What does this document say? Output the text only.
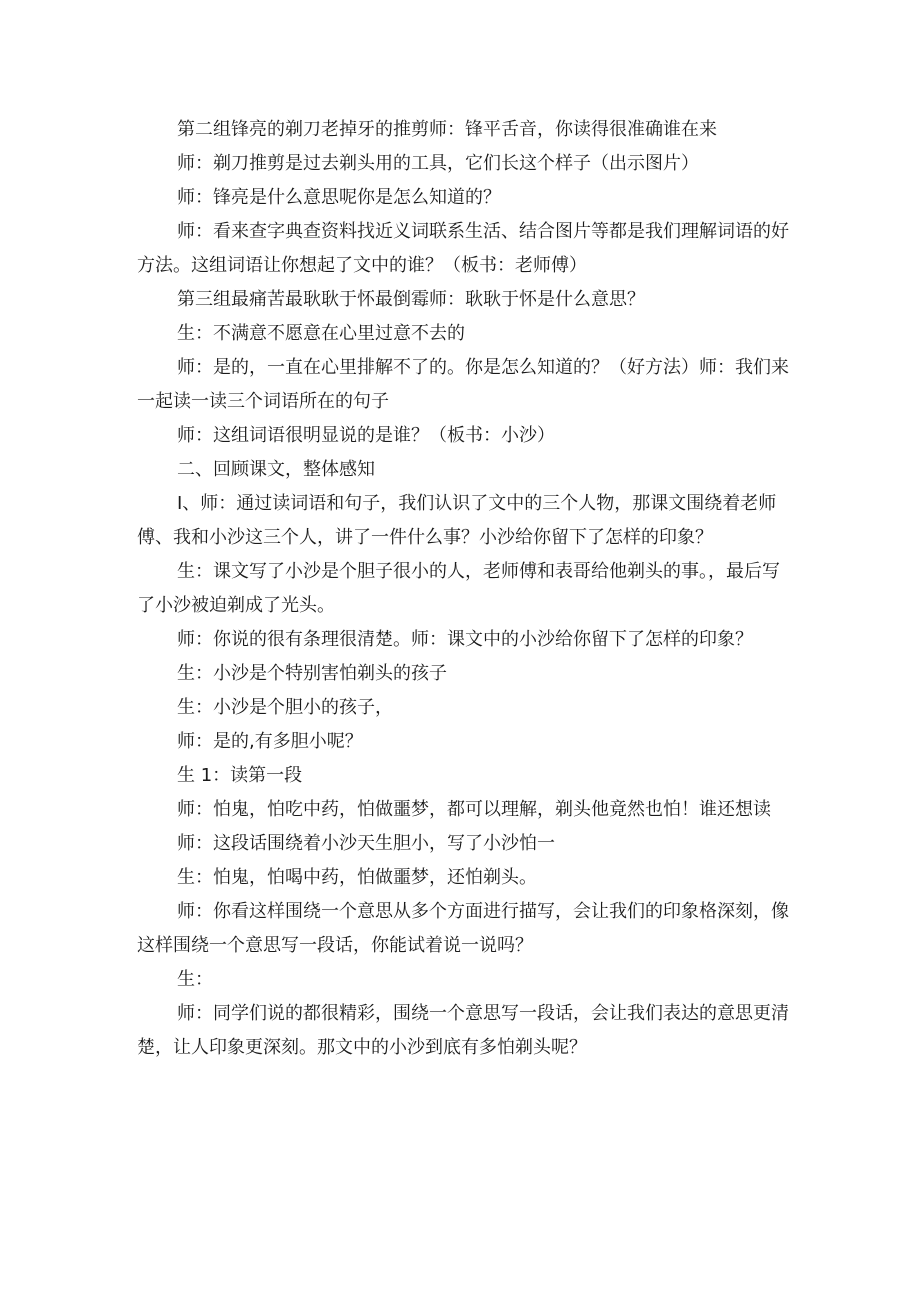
第二组锋亮的剃刀老掉牙的推剪师：锋平舌音，你读得很准确谁在来

师：剃刀推剪是过去剃头用的工具，它们长这个样子（出示图片）

师：锋亮是什么意思呢你是怎么知道的？

师：看来查字典查资料找近义词联系生活、结合图片等都是我们理解词语的好方法。这组词语让你想起了文中的谁？（板书：老师傅）

第三组最痛苦最耿耿于怀最倒霉师：耿耿于怀是什么意思？

生：不满意不愿意在心里过意不去的

师：是的，一直在心里排解不了的。你是怎么知道的？（好方法）师：我们来一起读一读三个词语所在的句子

师：这组词语很明显说的是谁？（板书：小沙）

二、回顾课文，整体感知

I、师：通过读词语和句子，我们认识了文中的三个人物，那课文围绕着老师傅、我和小沙这三个人，讲了一件什么事？小沙给你留下了怎样的印象？

生：课文写了小沙是个胆子很小的人，老师傅和表哥给他剃头的事。，最后写了小沙被迫剃成了光头。

师：你说的很有条理很清楚。师：课文中的小沙给你留下了怎样的印象？

生：小沙是个特别害怕剃头的孩子

生：小沙是个胆小的孩子，

师：是的,有多胆小呢？

生 1：读第一段

师：怕鬼，怕吃中药，怕做噩梦，都可以理解，剃头他竟然也怕！谁还想读

师：这段话围绕着小沙天生胆小，写了小沙怕一

生：怕鬼，怕喝中药，怕做噩梦，还怕剃头。

师：你看这样围绕一个意思从多个方面进行描写，会让我们的印象格深刻，像这样围绕一个意思写一段话，你能试着说一说吗？

生：

师：同学们说的都很精彩，围绕一个意思写一段话，会让我们表达的意思更清楚，让人印象更深刻。那文中的小沙到底有多怕剃头呢？
